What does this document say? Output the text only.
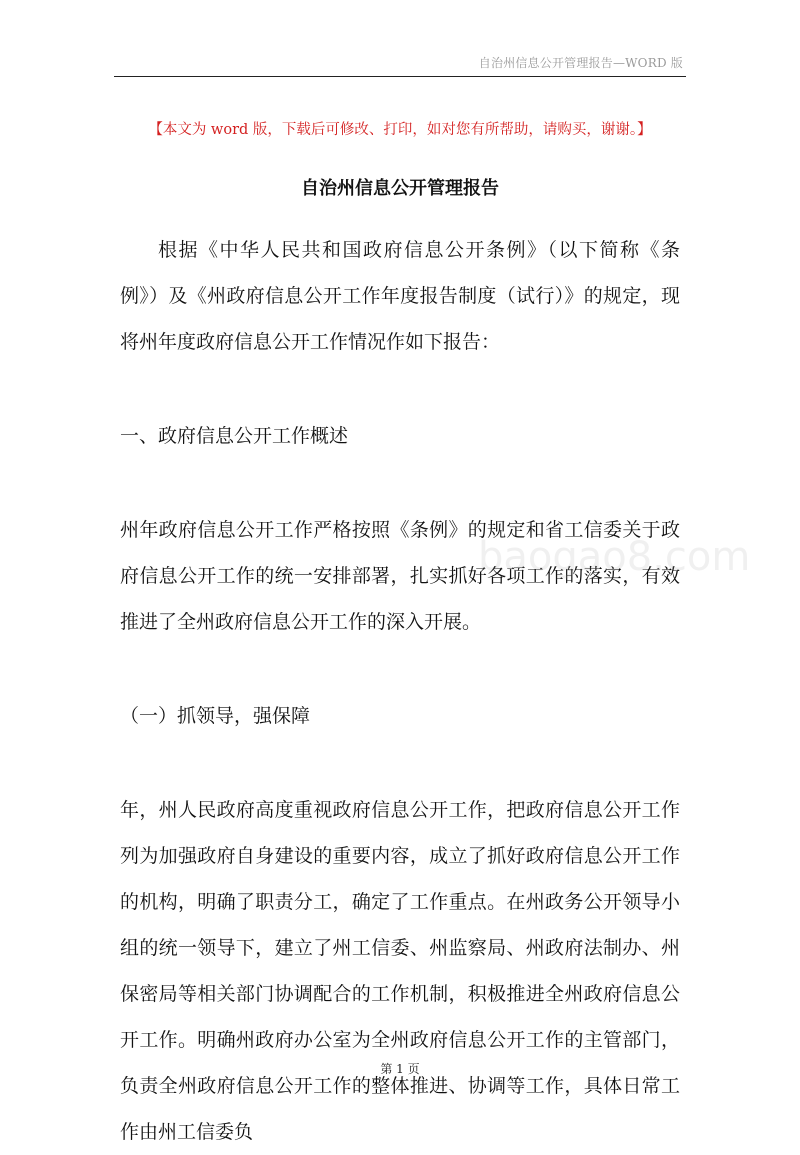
自治州信息公开管理报告—WORD 版
【本文为 word 版，下载后可修改、打印，如对您有所帮助，请购买，谢谢。】
自治州信息公开管理报告

根据《中华人民共和国政府信息公开条例》（以下简称《条例》）及《州政府信息公开工作年度报告制度（试行）》的规定，现将州年度政府信息公开工作情况作如下报告：

一、政府信息公开工作概述

州年政府信息公开工作严格按照《条例》的规定和省工信委关于政府信息公开工作的统一安排部署，扎实抓好各项工作的落实，有效推进了全州政府信息公开工作的深入开展。

（一）抓领导，强保障

年，州人民政府高度重视政府信息公开工作，把政府信息公开工作列为加强政府自身建设的重要内容，成立了抓好政府信息公开工作的机构，明确了职责分工，确定了工作重点。在州政务公开领导小组的统一领导下，建立了州工信委、州监察局、州政府法制办、州保密局等相关部门协调配合的工作机制，积极推进全州政府信息公开工作。明确州政府办公室为全州政府信息公开工作的主管部门，负责全州政府信息公开工作的整体推进、协调等工作，具体日常工作由州工信委负

baogao8.com
第 1 页
